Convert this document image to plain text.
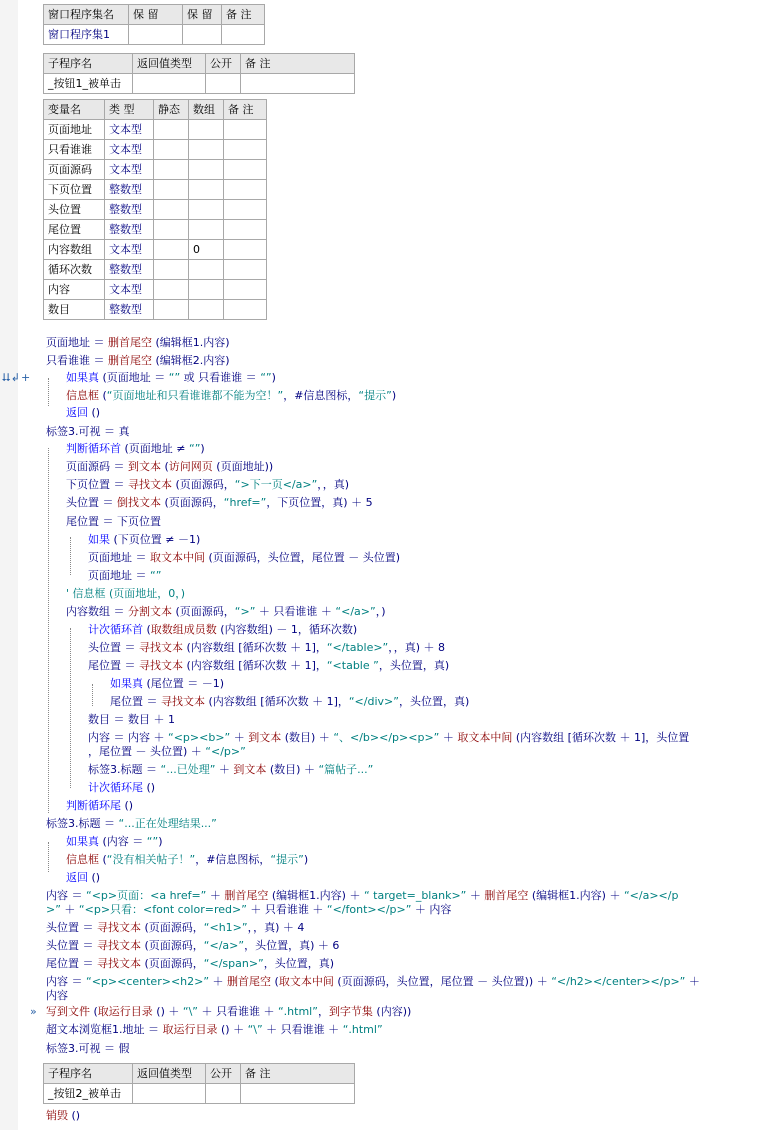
窗口程序集名	保 留	保 留	备 注
窗口程序集1			
子程序名	返回值类型	公开	备 注
_按钮1_被单击			
变量名	类 型	静态	数组	备 注
页面地址	文本型			
只看谁谁	文本型			
页面源码	文本型			
下页位置	整数型			
头位置	整数型			
尾位置	整数型			
内容数组	文本型		0	
循环次数	整数型			
内容	文本型			
数目	整数型			
页面地址 ＝ 删首尾空 (编辑框1.内容)
只看谁谁 ＝ 删首尾空 (编辑框2.内容)
如果真 (页面地址 ＝ “” 或 只看谁谁 ＝ “”)
信息框 (“页面地址和只看谁谁都不能为空！”，#信息图标，“提示”)
返回 ()
标签3.可视 ＝ 真
判断循环首 (页面地址 ≠ “”)
页面源码 ＝ 到文本 (访问网页 (页面地址))
下页位置 ＝ 寻找文本 (页面源码，“>下一页</a>”，，真)
头位置 ＝ 倒找文本 (页面源码，“href=”，下页位置，真) ＋ 5
尾位置 ＝ 下页位置
如果 (下页位置 ≠ －1)
页面地址 ＝ 取文本中间 (页面源码，头位置，尾位置 － 头位置)
页面地址 ＝ “”
' 信息框 (页面地址，0，)
内容数组 ＝ 分割文本 (页面源码，“>” ＋ 只看谁谁 ＋ “</a>”，)
计次循环首 (取数组成员数 (内容数组) － 1，循环次数)
头位置 ＝ 寻找文本 (内容数组 [循环次数 ＋ 1]，“</table>”，，真) ＋ 8
尾位置 ＝ 寻找文本 (内容数组 [循环次数 ＋ 1]，“<table ”，头位置，真)
如果真 (尾位置 ＝ －1)
尾位置 ＝ 寻找文本 (内容数组 [循环次数 ＋ 1]，“</div>”，头位置，真)
数目 ＝ 数目 ＋ 1
内容 ＝ 内容 ＋ “<p><b>” ＋ 到文本 (数目) ＋ “、</b></p><p>” ＋ 取文本中间 (内容数组 [循环次数 ＋ 1]，头位置
，尾位置 － 头位置) ＋ “</p>”
标签3.标题 ＝ “...已处理” ＋ 到文本 (数目) ＋ “篇帖子...”
计次循环尾 ()
判断循环尾 ()
标签3.标题 ＝ “...正在处理结果...”
如果真 (内容 ＝ “”)
信息框 (“没有相关帖子！”，#信息图标，“提示”)
返回 ()
内容 ＝ “<p>页面：<a href=” ＋ 删首尾空 (编辑框1.内容) ＋ “ target=_blank>” ＋ 删首尾空 (编辑框1.内容) ＋ “</a></p
>” ＋ “<p>只看：<font color=red>” ＋ 只看谁谁 ＋ “</font></p>” ＋ 内容
头位置 ＝ 寻找文本 (页面源码，“<h1>”，，真) ＋ 4
头位置 ＝ 寻找文本 (页面源码，“</a>”，头位置，真) ＋ 6
尾位置 ＝ 寻找文本 (页面源码，“</span>”，头位置，真)
内容 ＝ “<p><center><h2>” ＋ 删首尾空 (取文本中间 (页面源码，头位置，尾位置 － 头位置)) ＋ “</h2></center></p>” ＋
内容
写到文件 (取运行目录 () ＋ “\” ＋ 只看谁谁 ＋ “.html”，到字节集 (内容))
超文本浏览框1.地址 ＝ 取运行目录 () ＋ “\” ＋ 只看谁谁 ＋ “.html”
标签3.可视 ＝ 假
⮇↲ +
»
子程序名	返回值类型	公开	备 注
_按钮2_被单击			
销毁 ()
